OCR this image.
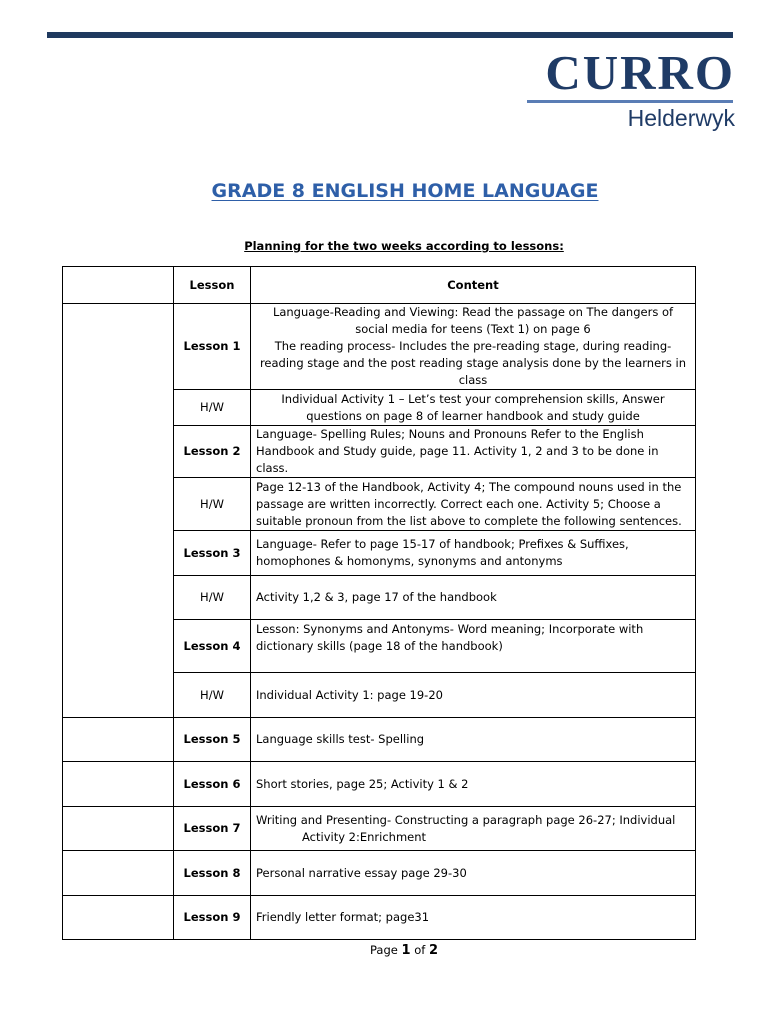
CURRO
Helderwyk
GRADE 8 ENGLISH HOME LANGUAGE
Planning for the two weeks according to lessons:
	Lesson	Content
	Lesson 1	Language-Reading and Viewing: Read the passage on The dangers of social media for teens (Text 1) on page 6
The reading process- Includes the pre-reading stage, during reading-reading stage and the post reading stage analysis done by the learners in class

	H/W	Individual Activity 1 – Let’s test your comprehension skills, Answer questions on page 8 of learner handbook and study guide
	Lesson 2	Language- Spelling Rules; Nouns and Pronouns Refer to the English Handbook and Study guide, page 11. Activity 1, 2 and 3 to be done in class.
	H/W	Page 12-13 of the Handbook, Activity 4; The compound nouns used in the passage are written incorrectly. Correct each one. Activity 5; Choose a suitable pronoun from the list above to complete the following sentences.
	Lesson 3	Language- Refer to page 15-17 of handbook; Prefixes & Suffixes, homophones & homonyms, synonyms and antonyms
	H/W	Activity 1,2 & 3, page 17 of the handbook
	Lesson 4	Lesson: Synonyms and Antonyms- Word meaning; Incorporate with dictionary skills (page 18 of the handbook)
	H/W	Individual Activity 1: page 19-20
	Lesson 5	Language skills test- Spelling
	Lesson 6	Short stories, page 25; Activity 1 & 2
	Lesson 7	Writing and Presenting- Constructing a paragraph page 26-27; Individual
Activity 2:Enrichment

	Lesson 8	Personal narrative essay page 29-30
	Lesson 9	Friendly letter format; page31
Page 1 of 2
